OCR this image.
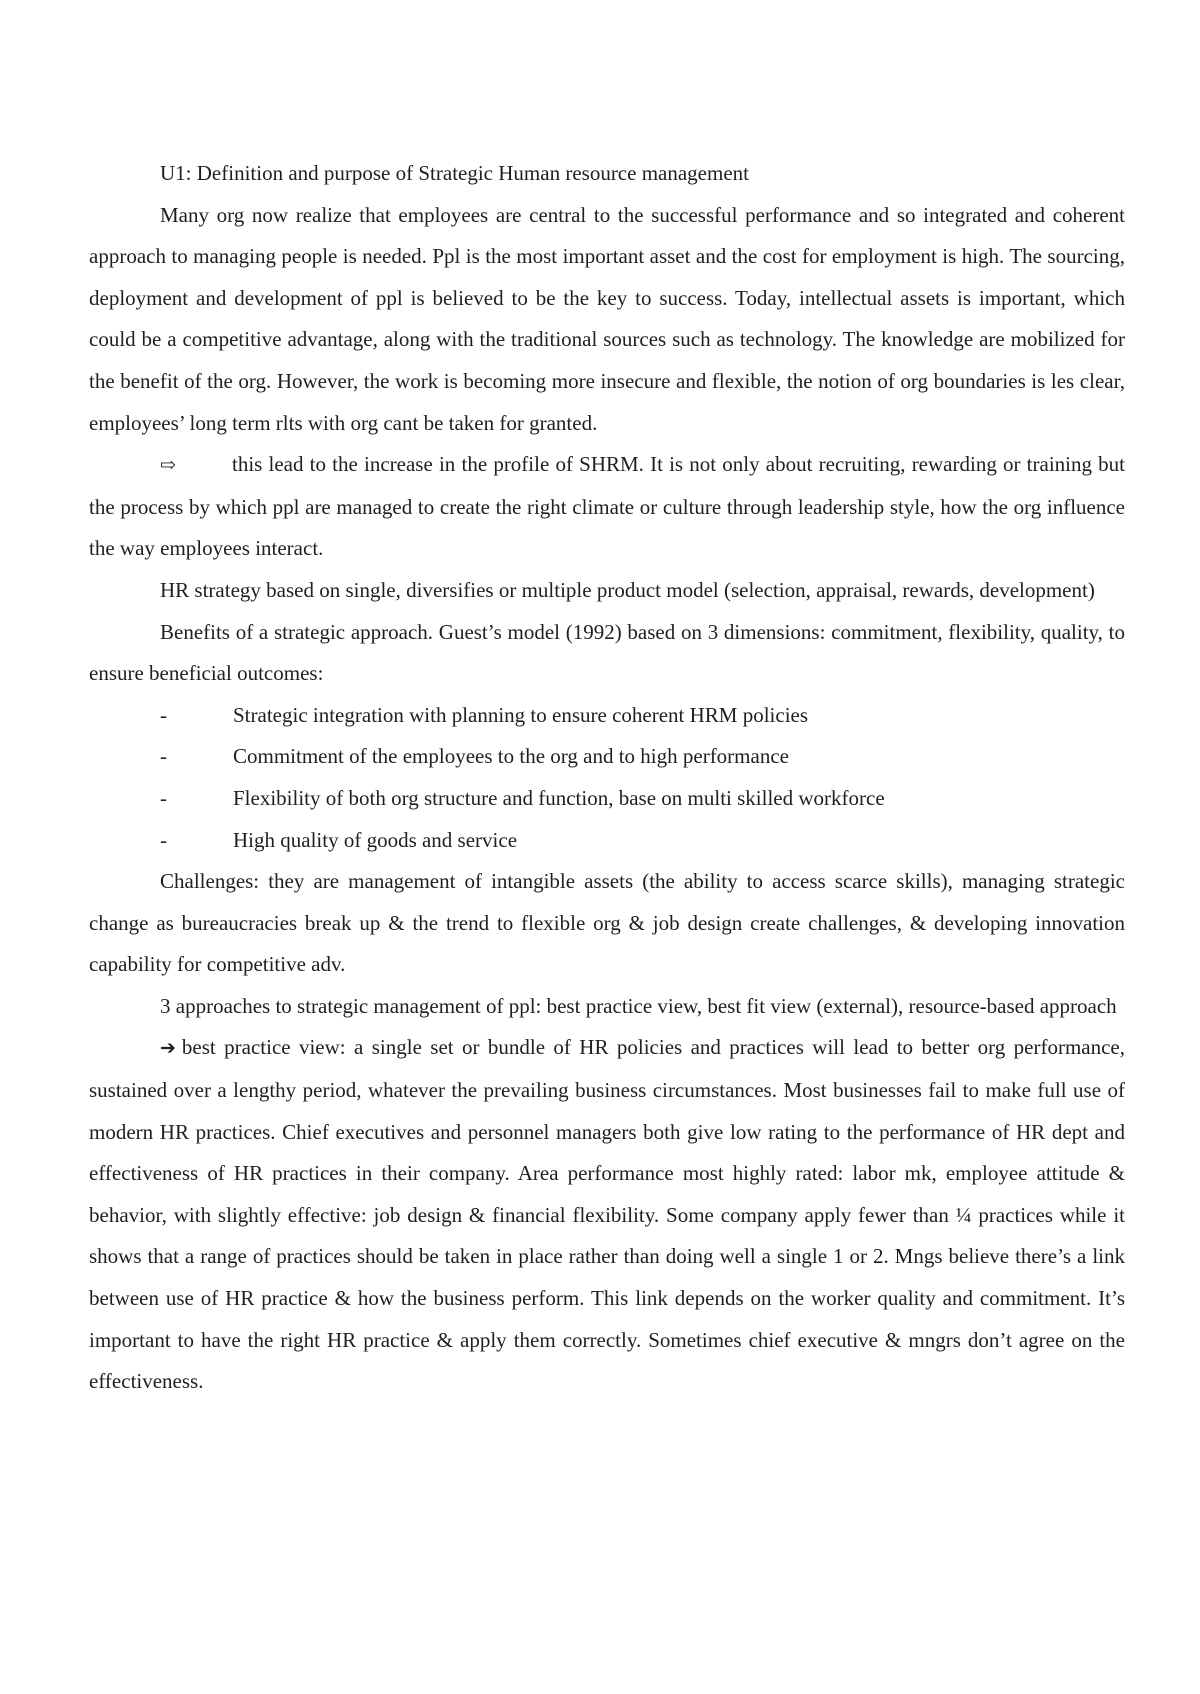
U1: Definition and purpose of Strategic Human resource management

Many org now realize that employees are central to the successful performance and so integrated and coherent approach to managing people is needed. Ppl is the most important asset and the cost for employment is high. The sourcing, deployment and development of ppl is believed to be the key to success. Today, intellectual assets is important, which could be a competitive advantage, along with the traditional sources such as technology. The knowledge are mobilized for the benefit of the org. However, the work is becoming more insecure and flexible, the notion of org boundaries is les clear, employees’ long term rlts with org cant be taken for granted.

⇨	this lead to the increase in the profile of SHRM. It is not only about recruiting, rewarding or training but the process by which ppl are managed to create the right climate or culture through leadership style, how the org influence the way employees interact.

HR strategy based on single, diversifies or multiple product model (selection, appraisal, rewards, development)

Benefits of a strategic approach. Guest’s model (1992) based on 3 dimensions: commitment, flexibility, quality, to ensure beneficial outcomes:

-	Strategic integration with planning to ensure coherent HRM policies
-	Commitment of the employees to the org and to high performance
-	Flexibility of both org structure and function, base on multi skilled workforce
-	High quality of goods and service

Challenges: they are management of intangible assets (the ability to access scarce skills), managing strategic change as bureaucracies break up & the trend to flexible org & job design create challenges, & developing innovation capability for competitive adv.

3 approaches to strategic management of ppl: best practice view, best fit view (external), resource-based approach

➔ best practice view: a single set or bundle of HR policies and practices will lead to better org performance, sustained over a lengthy period, whatever the prevailing business circumstances. Most businesses fail to make full use of modern HR practices. Chief executives and personnel managers both give low rating to the performance of HR dept and effectiveness of HR practices in their company. Area performance most highly rated: labor mk, employee attitude & behavior, with slightly effective: job design & financial flexibility. Some company apply fewer than ¼ practices while it shows that a range of practices should be taken in place rather than doing well a single 1 or 2. Mngs believe there’s a link between use of HR practice & how the business perform. This link depends on the worker quality and commitment. It’s important to have the right HR practice & apply them correctly. Sometimes chief executive & mngrs don’t agree on the effectiveness.
